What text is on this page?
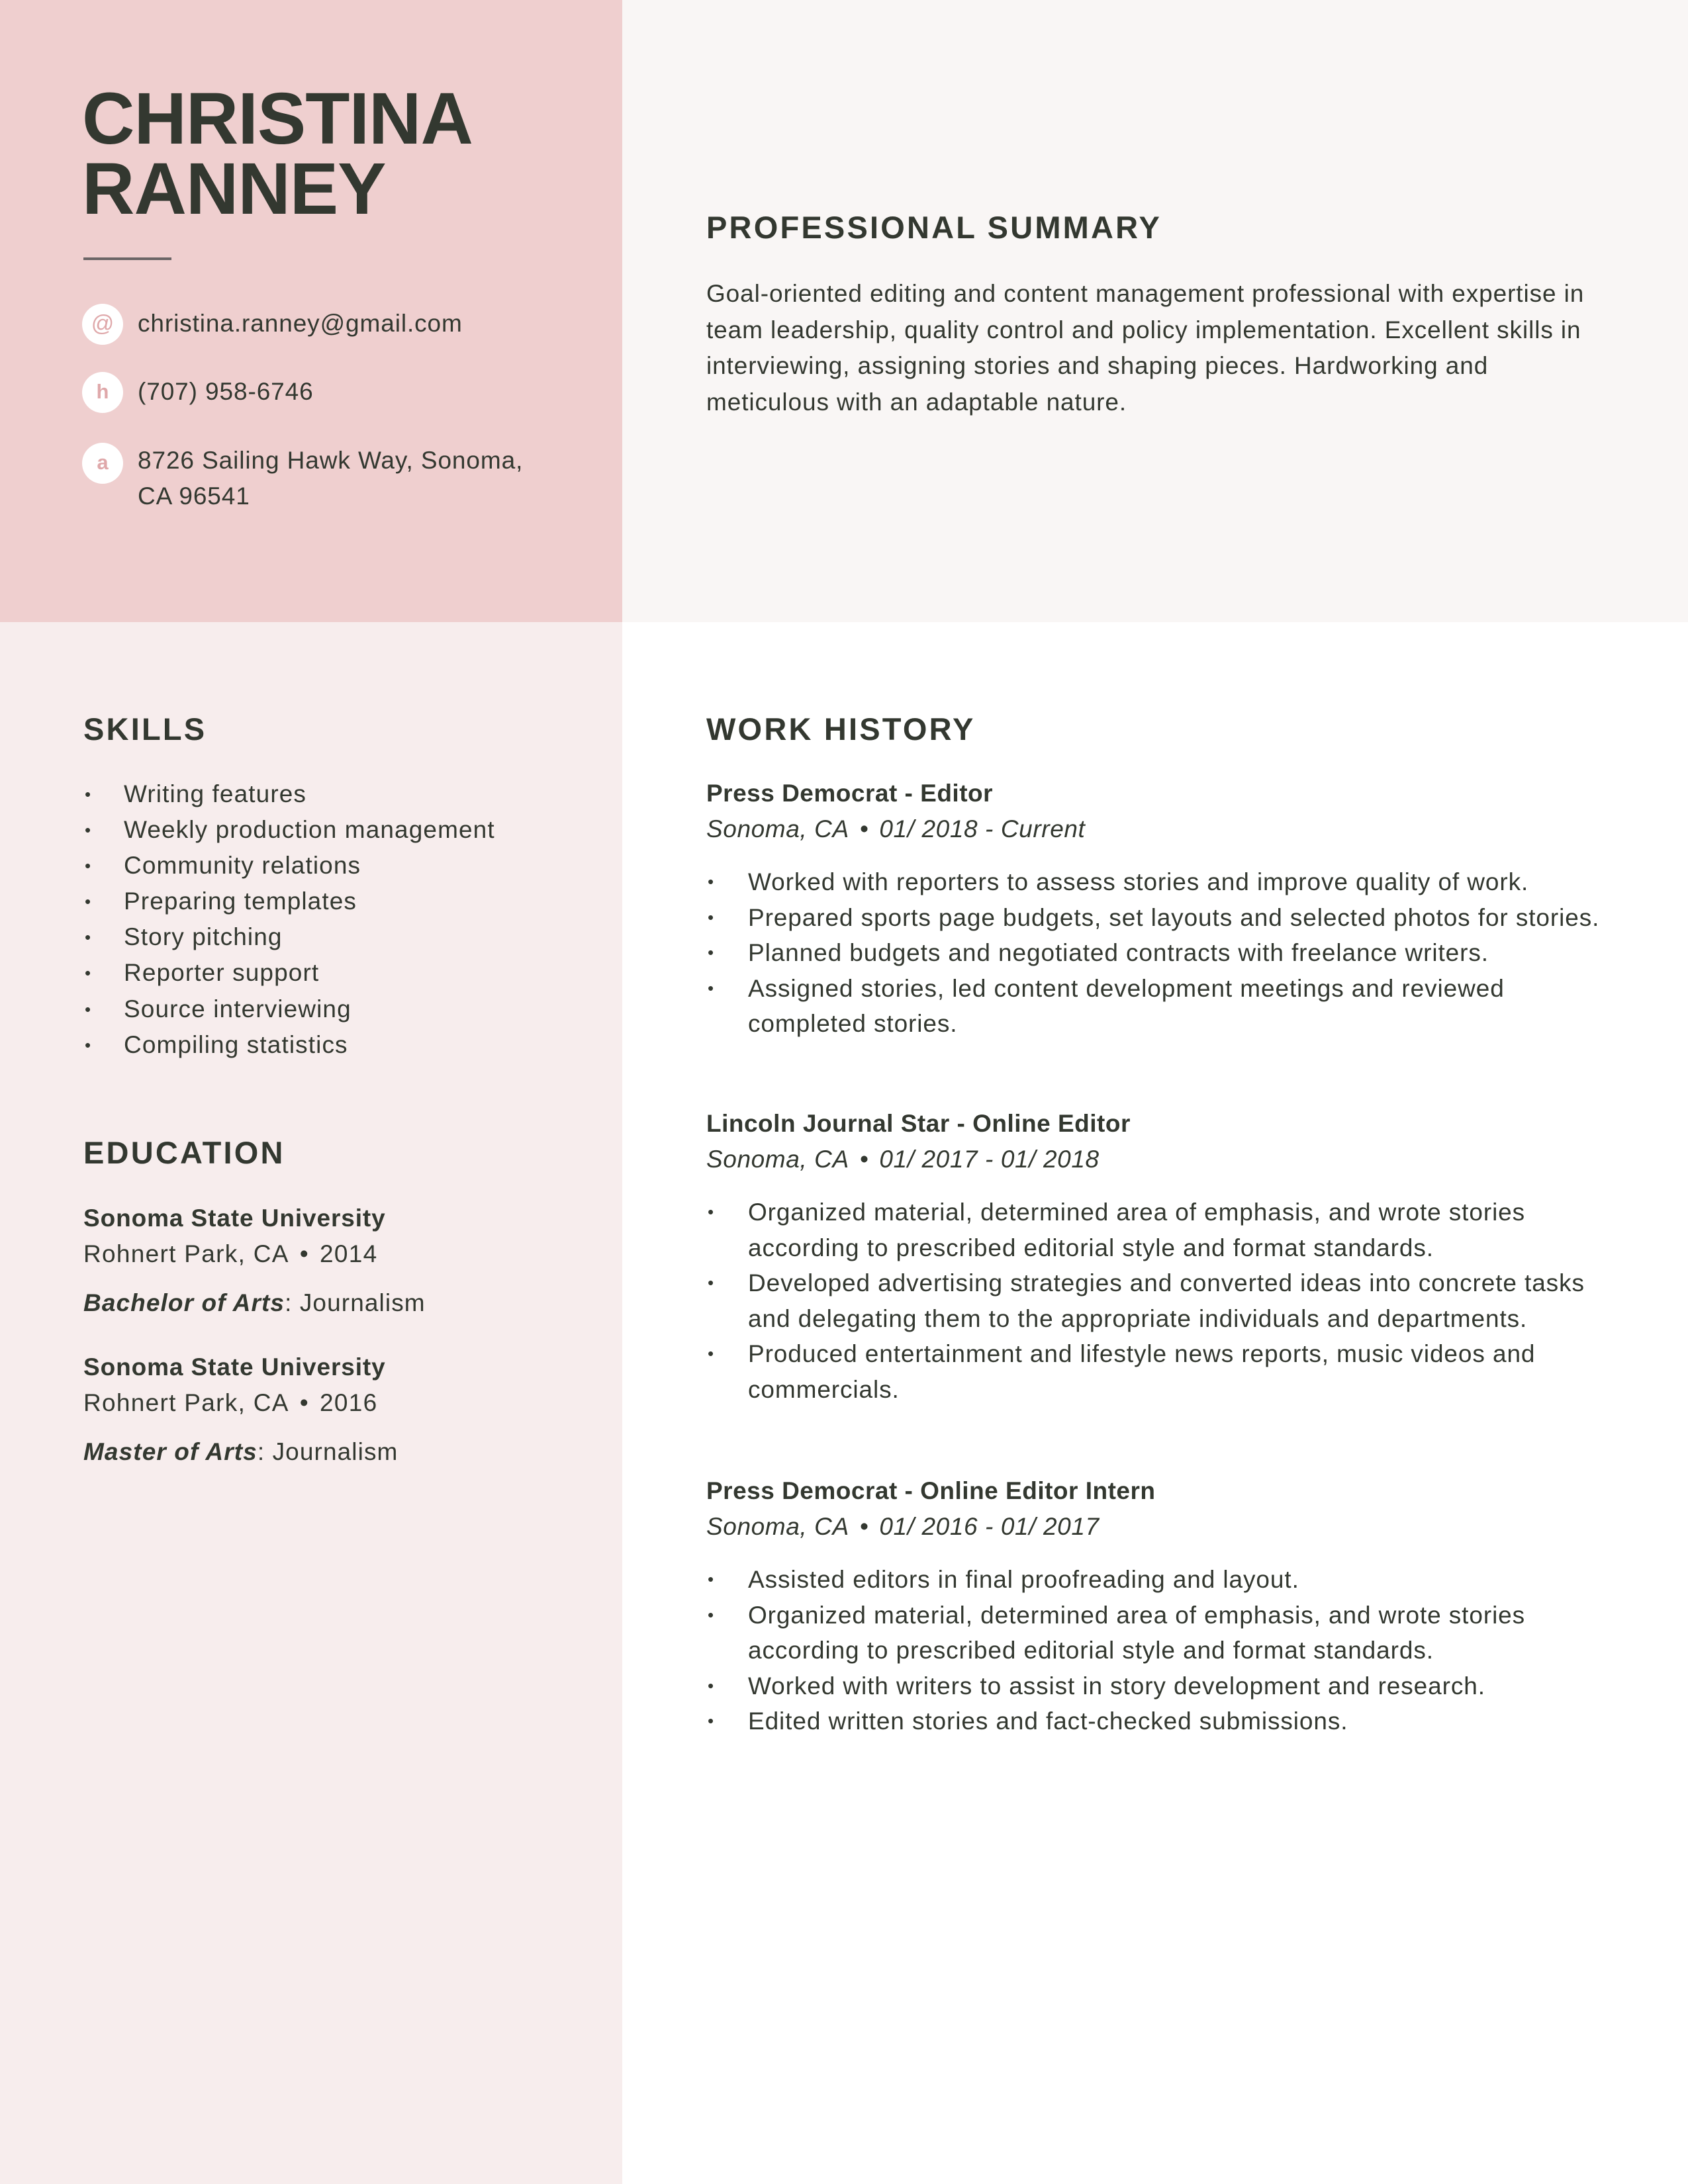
CHRISTINA
RANNEY
@ christina.ranney@gmail.com
h	(707) 958-6746
a	8726 Sailing Hawk Way, Sonoma,
CA 96541
PROFESSIONAL SUMMARY

Goal-oriented editing and content management professional with expertise in team leadership, quality control and policy implementation. Excellent skills in interviewing, assigning stories and shaping pieces. Hardworking and meticulous with an adaptable nature.

SKILLS
• Writing features
• Weekly production management
• Community relations
• Preparing templates
• Story pitching
• Reporter support
• Source interviewing
• Compiling statistics
EDUCATION
Sonoma State University
Rohnert Park, CA • 2014
Bachelor of Arts: Journalism
Sonoma State University
Rohnert Park, CA • 2016
Master of Arts: Journalism
WORK HISTORY
Press Democrat - Editor
Sonoma, CA • 01/ 2018 - Current
• Worked with reporters to assess stories and improve quality of work.
• Prepared sports page budgets, set layouts and selected photos for stories.
• Planned budgets and negotiated contracts with freelance writers.
• Assigned stories, led content development meetings and reviewed completed stories.
Lincoln Journal Star - Online Editor
Sonoma, CA • 01/ 2017 - 01/ 2018
• Organized material, determined area of emphasis, and wrote stories according to prescribed editorial style and format standards.
• Developed advertising strategies and converted ideas into concrete tasks and delegating them to the appropriate individuals and departments.
• Produced entertainment and lifestyle news reports, music videos and commercials.
Press Democrat - Online Editor Intern
Sonoma, CA • 01/ 2016 - 01/ 2017
• Assisted editors in final proofreading and layout.
• Organized material, determined area of emphasis, and wrote stories according to prescribed editorial style and format standards.
• Worked with writers to assist in story development and research.
• Edited written stories and fact-checked submissions.
